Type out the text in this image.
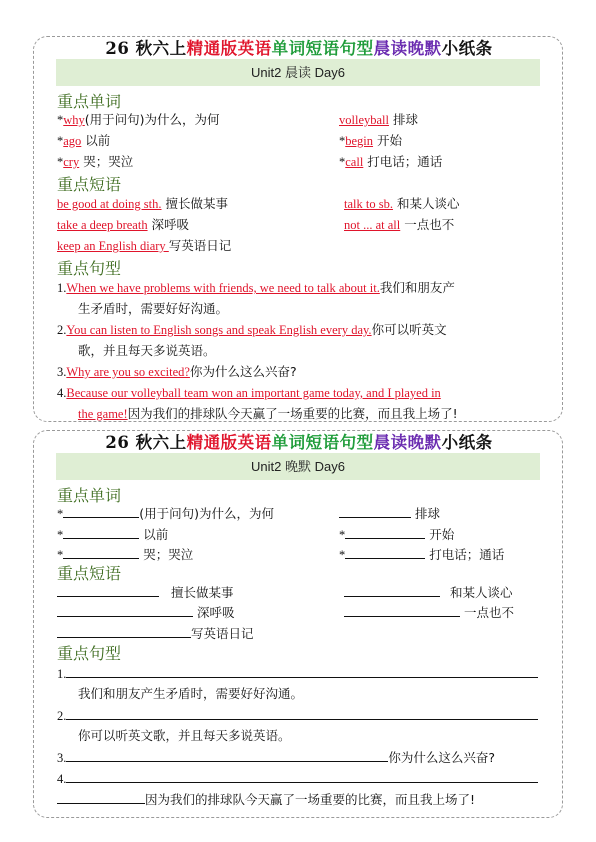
26 秋六上精通版英语单词短语句型晨读晚默小纸条
Unit2 晨读 Day6
重点单词
*why(用于问句)为什么，为何	volleyball 排球
*ago 以前	*begin 开始
*cry 哭；哭泣	*call 打电话；通话
重点短语
be good at doing sth. 擅长做某事	talk to sb. 和某人谈心
take a deep breath 深呼吸	not ... at all 一点也不
keep an English diary 写英语日记
重点句型
1.When we have problems with friends, we need to talk about it.我们和朋友产
生矛盾时，需要好好沟通。
2.You can listen to English songs and speak English every day.你可以听英文
歌，并且每天多说英语。
3.Why are you so excited?你为什么这么兴奋?
4.Because our volleyball team won an important game today, and I played in
the game!因为我们的排球队今天赢了一场重要的比赛，而且我上场了!
26 秋六上精通版英语单词短语句型晨读晚默小纸条
Unit2 晚默 Day6
重点单词
*	(用于问句)为什么，为何	排球
*	以前	*	开始
*	哭；哭泣	*	打电话；通话
重点短语
擅长做某事	和某人谈心
深呼吸	一点也不
写英语日记
重点句型
1.
我们和朋友产生矛盾时，需要好好沟通。
2.
你可以听英文歌，并且每天多说英语。
3.	你为什么这么兴奋?
4.
因为我们的排球队今天赢了一场重要的比赛，而且我上场了!
